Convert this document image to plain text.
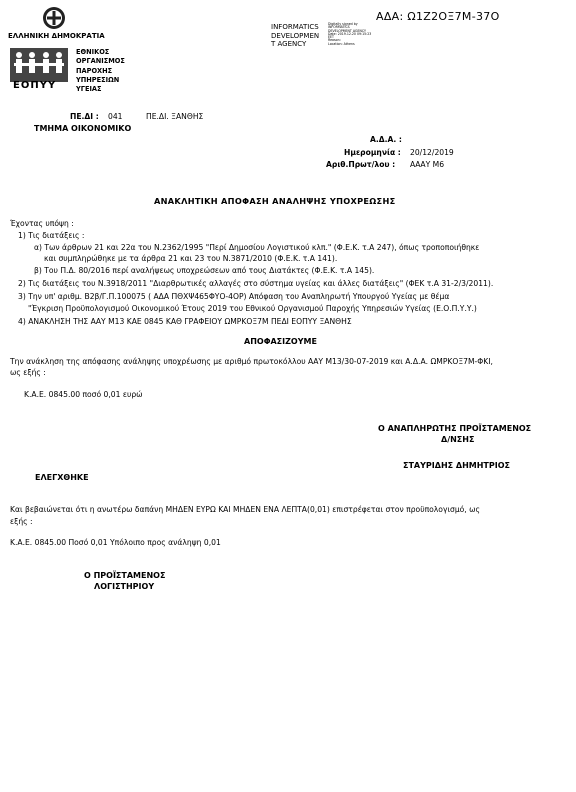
ΑΔΑ: Ω1Ζ2ΟΞ7Μ-37Ο
ΕΛΛΗΝΙΚΗ ΔΗΜΟΚΡΑΤΙΑ
ΕΟΠΥΥ
ΕΘΝΙΚΟΣ
ΟΡΓΑΝΙΣΜΟΣ
ΠΑΡΟΧΗΣ
ΥΠΗΡΕΣΙΩΝ
ΥΓΕΙΑΣ
INFORMATICS
DEVELOPMEN
T AGENCY
Digitally signed by
INFORMATICS
DEVELOPMENT AGENCY
Date: 2019.12.20 09:15:23
EET
Reason:
Location: Athens
ΠΕ.ΔΙ : 041	ΠΕ.ΔΙ. ΞΑΝΘΗΣ
ΤΜΗΜΑ ΟΙΚΟΝΟΜΙΚΟ
Α.Δ.Α. :
Ημερομηνία : 20/12/2019
Αριθ.Πρωτ/λου : ΑΑΑΥ Μ6
ΑΝΑΚΛΗΤΙΚΗ ΑΠΟΦΑΣΗ ΑΝΑΛΗΨΗΣ ΥΠΟΧΡΕΩΣΗΣ
Έχοντας υπόψη :
1) Τις διατάξεις :
α) Των άρθρων 21 και 22α του Ν.2362/1995 "Περί Δημοσίου Λογιστικού κλπ." (Φ.Ε.Κ. τ.Α 247), όπως τροποποιήθηκε
και συμπληρώθηκε με τα άρθρα 21 και 23 του Ν.3871/2010 (Φ.Ε.Κ. τ.Α 141).
β) Του Π.Δ. 80/2016 περί αναλήψεως υποχρεώσεων από τους Διατάκτες (Φ.Ε.Κ. τ.Α 145).
2) Τις διατάξεις του Ν.3918/2011 "Διαρθρωτικές αλλαγές στο σύστημα υγείας και άλλες διατάξεις" (ΦΕΚ τ.Α 31-2/3/2011).
3) Την υπ' αριθμ. Β2β/Γ.Π.100075 ( ΑΔΑ ΠΘΧΨ465ΦΥΟ-4ΟΡ) Απόφαση του Αναπληρωτή Υπουργού Υγείας με θέμα
"Έγκριση Προϋπολογισμού Οικονομικού Έτους 2019 του Εθνικού Οργανισμού Παροχής Υπηρεσιών Υγείας (Ε.Ο.Π.Υ.Υ.)
4) ΑΝΑΚΛΗΣΗ ΤΗΣ ΑΑΥ Μ13 ΚΑΕ 0845 ΚΑΘ ΓΡΑΦΕΙΟΥ ΩΜΡΚΟΞ7Μ ΠΕΔΙ ΕΟΠΥΥ ΞΑΝΘΗΣ
ΑΠΟΦΑΣΙΖΟΥΜΕ
Την ανάκληση της απόφασης ανάληψης υποχρέωσης με αριθμό πρωτοκόλλου ΑΑΥ Μ13/30-07-2019 και Α.Δ.Α. ΩΜΡΚΟΞ7Μ-ΦΚΙ,
ως εξής :
Κ.Α.Ε. 0845.00 ποσό 0,01 ευρώ
Ο ΑΝΑΠΛΗΡΩΤΗΣ ΠΡΟΪΣΤΑΜΕΝΟΣ
Δ/ΝΣΗΣ
ΣΤΑΥΡΙΔΗΣ ΔΗΜΗΤΡΙΟΣ
ΕΛΕΓΧΘΗΚΕ
Και βεβαιώνεται ότι η ανωτέρω δαπάνη ΜΗΔΕΝ ΕΥΡΩ ΚΑΙ ΜΗΔΕΝ ΕΝΑ ΛΕΠΤΑ(0,01) επιστρέφεται στον προϋπολογισμό, ως
εξής :
Κ.Α.Ε. 0845.00 Ποσό 0,01 Υπόλοιπο προς ανάληψη 0,01
Ο ΠΡΟΪΣΤΑΜΕΝΟΣ
ΛΟΓΙΣΤΗΡΙΟΥ
